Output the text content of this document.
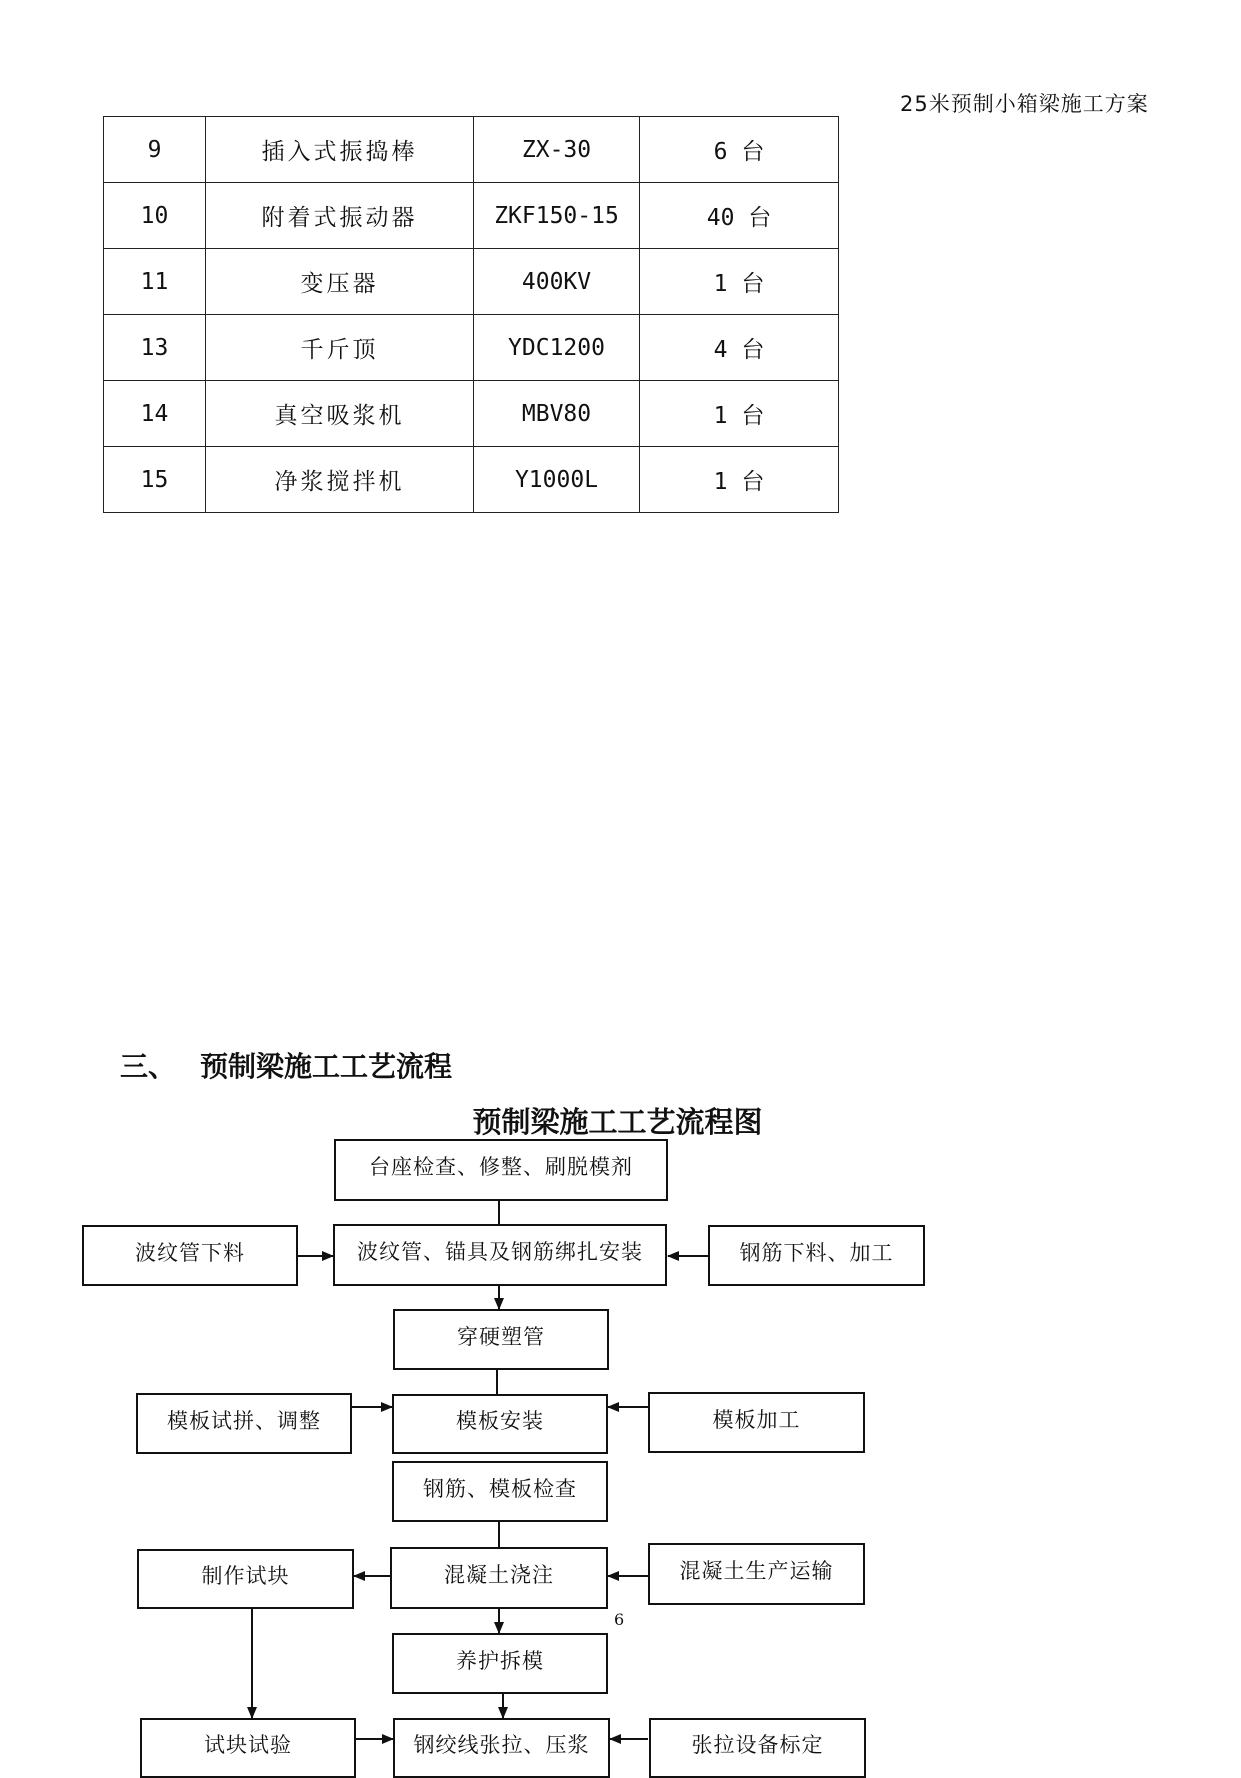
25米预制小箱梁施工方案
9	插入式振捣棒	ZX-30	6 台
10	附着式振动器	ZKF150-15	40 台
11	变压器	400KV	1 台
13	千斤顶	YDC1200	4 台
14	真空吸浆机	MBV80	1 台
15	净浆搅拌机	Y1000L	1 台
三、 预制梁施工工艺流程
预制梁施工工艺流程图
台座检查、修整、刷脱模剂
波纹管下料	波纹管、锚具及钢筋绑扎安装	钢筋下料、加工
穿硬塑管
模板试拼、调整	模板安装	模板加工
钢筋、模板检查
制作试块	混凝土浇注	混凝土生产运输
养护拆模
试块试验	钢绞线张拉、压浆	张拉设备标定
6
